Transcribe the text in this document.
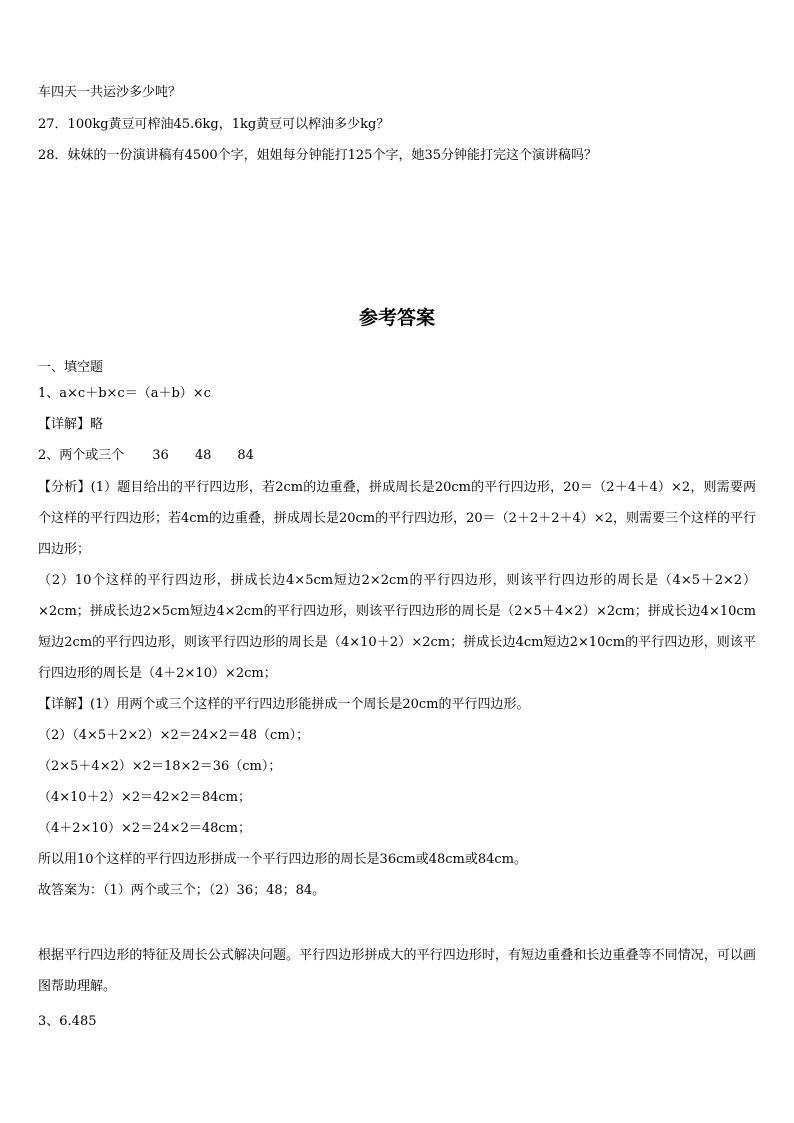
车四天一共运沙多少吨？
27．100kg黄豆可榨油45.6kg，1kg黄豆可以榨油多少kg？
28．妹妹的一份演讲稿有4500个字，姐姐每分钟能打125个字，她35分钟能打完这个演讲稿吗？
参考答案
一、填空题
1、a×c＋b×c＝（a＋b）×c
【详解】略
2、两个或三个 36 48 84
【分析】(1）题目给出的平行四边形，若2cm的边重叠，拼成周长是20cm的平行四边形，20＝（2＋4＋4）×2，则需要两个这样的平行四边形；若4cm的边重叠，拼成周长是20cm的平行四边形，20＝（2＋2＋2＋4）×2，则需要三个这样的平行四边形；
（2）10个这样的平行四边形，拼成长边4×5cm短边2×2cm的平行四边形，则该平行四边形的周长是（4×5＋2×2）×2cm；拼成长边2×5cm短边4×2cm的平行四边形，则该平行四边形的周长是（2×5＋4×2）×2cm；拼成长边4×10cm短边2cm的平行四边形，则该平行四边形的周长是（4×10＋2）×2cm；拼成长边4cm短边2×10cm的平行四边形，则该平行四边形的周长是（4＋2×10）×2cm；
【详解】(1）用两个或三个这样的平行四边形能拼成一个周长是20cm的平行四边形。
（2）（4×5＋2×2）×2＝24×2＝48（cm）；
（2×5＋4×2）×2＝18×2＝36（cm）；
（4×10＋2）×2＝42×2＝84cm；
（4＋2×10）×2＝24×2＝48cm；
所以用10个这样的平行四边形拼成一个平行四边形的周长是36cm或48cm或84cm。
故答案为：（1）两个或三个；（2）36；48；84。
根据平行四边形的特征及周长公式解决问题。平行四边形拼成大的平行四边形时，有短边重叠和长边重叠等不同情况，可以画图帮助理解。
3、6.485
